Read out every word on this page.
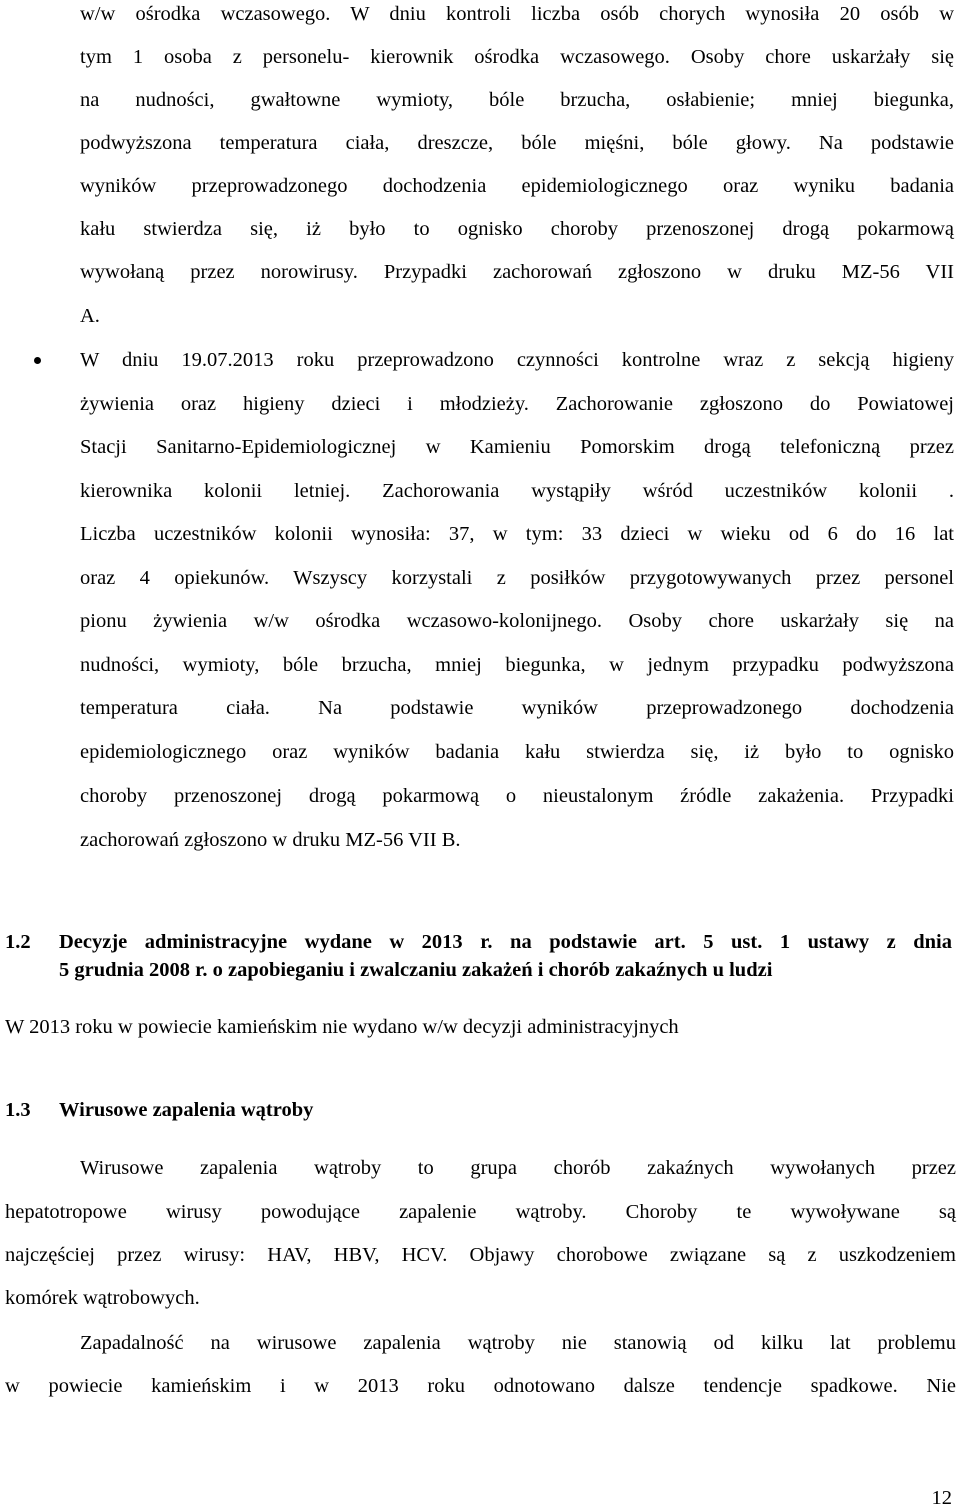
w/w ośrodka wczasowego. W dniu kontroli liczba osób chorych wynosiła 20 osób w
tym 1 osoba z personelu- kierownik ośrodka wczasowego. Osoby chore uskarżały się
na nudności, gwałtowne wymioty, bóle brzucha, osłabienie; mniej biegunka,
podwyższona temperatura ciała, dreszcze, bóle mięśni, bóle głowy. Na podstawie
wyników przeprowadzonego dochodzenia epidemiologicznego oraz wyniku badania
kału stwierdza się, iż było to ognisko choroby przenoszonej drogą pokarmową
wywołaną przez norowirusy. Przypadki zachorowań zgłoszono w druku MZ-56 VII
A.
W dniu 19.07.2013 roku przeprowadzono czynności kontrolne wraz z sekcją higieny
żywienia oraz higieny dzieci i młodzieży. Zachorowanie zgłoszono do Powiatowej
Stacji Sanitarno-Epidemiologicznej w Kamieniu Pomorskim drogą telefoniczną przez
kierownika kolonii letniej. Zachorowania wystąpiły wśród uczestników kolonii .
Liczba uczestników kolonii wynosiła: 37, w tym: 33 dzieci w wieku od 6 do 16 lat
oraz 4 opiekunów. Wszyscy korzystali z posiłków przygotowywanych przez personel
pionu żywienia w/w ośrodka wczasowo-kolonijnego. Osoby chore uskarżały się na
nudności, wymioty, bóle brzucha, mniej biegunka, w jednym przypadku podwyższona
temperatura ciała. Na podstawie wyników przeprowadzonego dochodzenia
epidemiologicznego oraz wyników badania kału stwierdza się, iż było to ognisko
choroby przenoszonej drogą pokarmową o nieustalonym źródle zakażenia. Przypadki
zachorowań zgłoszono w druku MZ-56 VII B.
1.2 Decyzje administracyjne wydane w 2013 r. na podstawie art. 5 ust. 1 ustawy z dnia
5 grudnia 2008 r. o zapobieganiu i zwalczaniu zakażeń i chorób zakaźnych u ludzi
W 2013 roku w powiecie kamieńskim nie wydano w/w decyzji administracyjnych
1.3 Wirusowe zapalenia wątroby
Wirusowe zapalenia wątroby to grupa chorób zakaźnych wywołanych przez
hepatotropowe wirusy powodujące zapalenie wątroby. Choroby te wywoływane są
najczęściej przez wirusy: HAV, HBV, HCV. Objawy chorobowe związane są z uszkodzeniem
komórek wątrobowych.
Zapadalność na wirusowe zapalenia wątroby nie stanowią od kilku lat problemu
w powiecie kamieńskim i w 2013 roku odnotowano dalsze tendencje spadkowe. Nie
12
